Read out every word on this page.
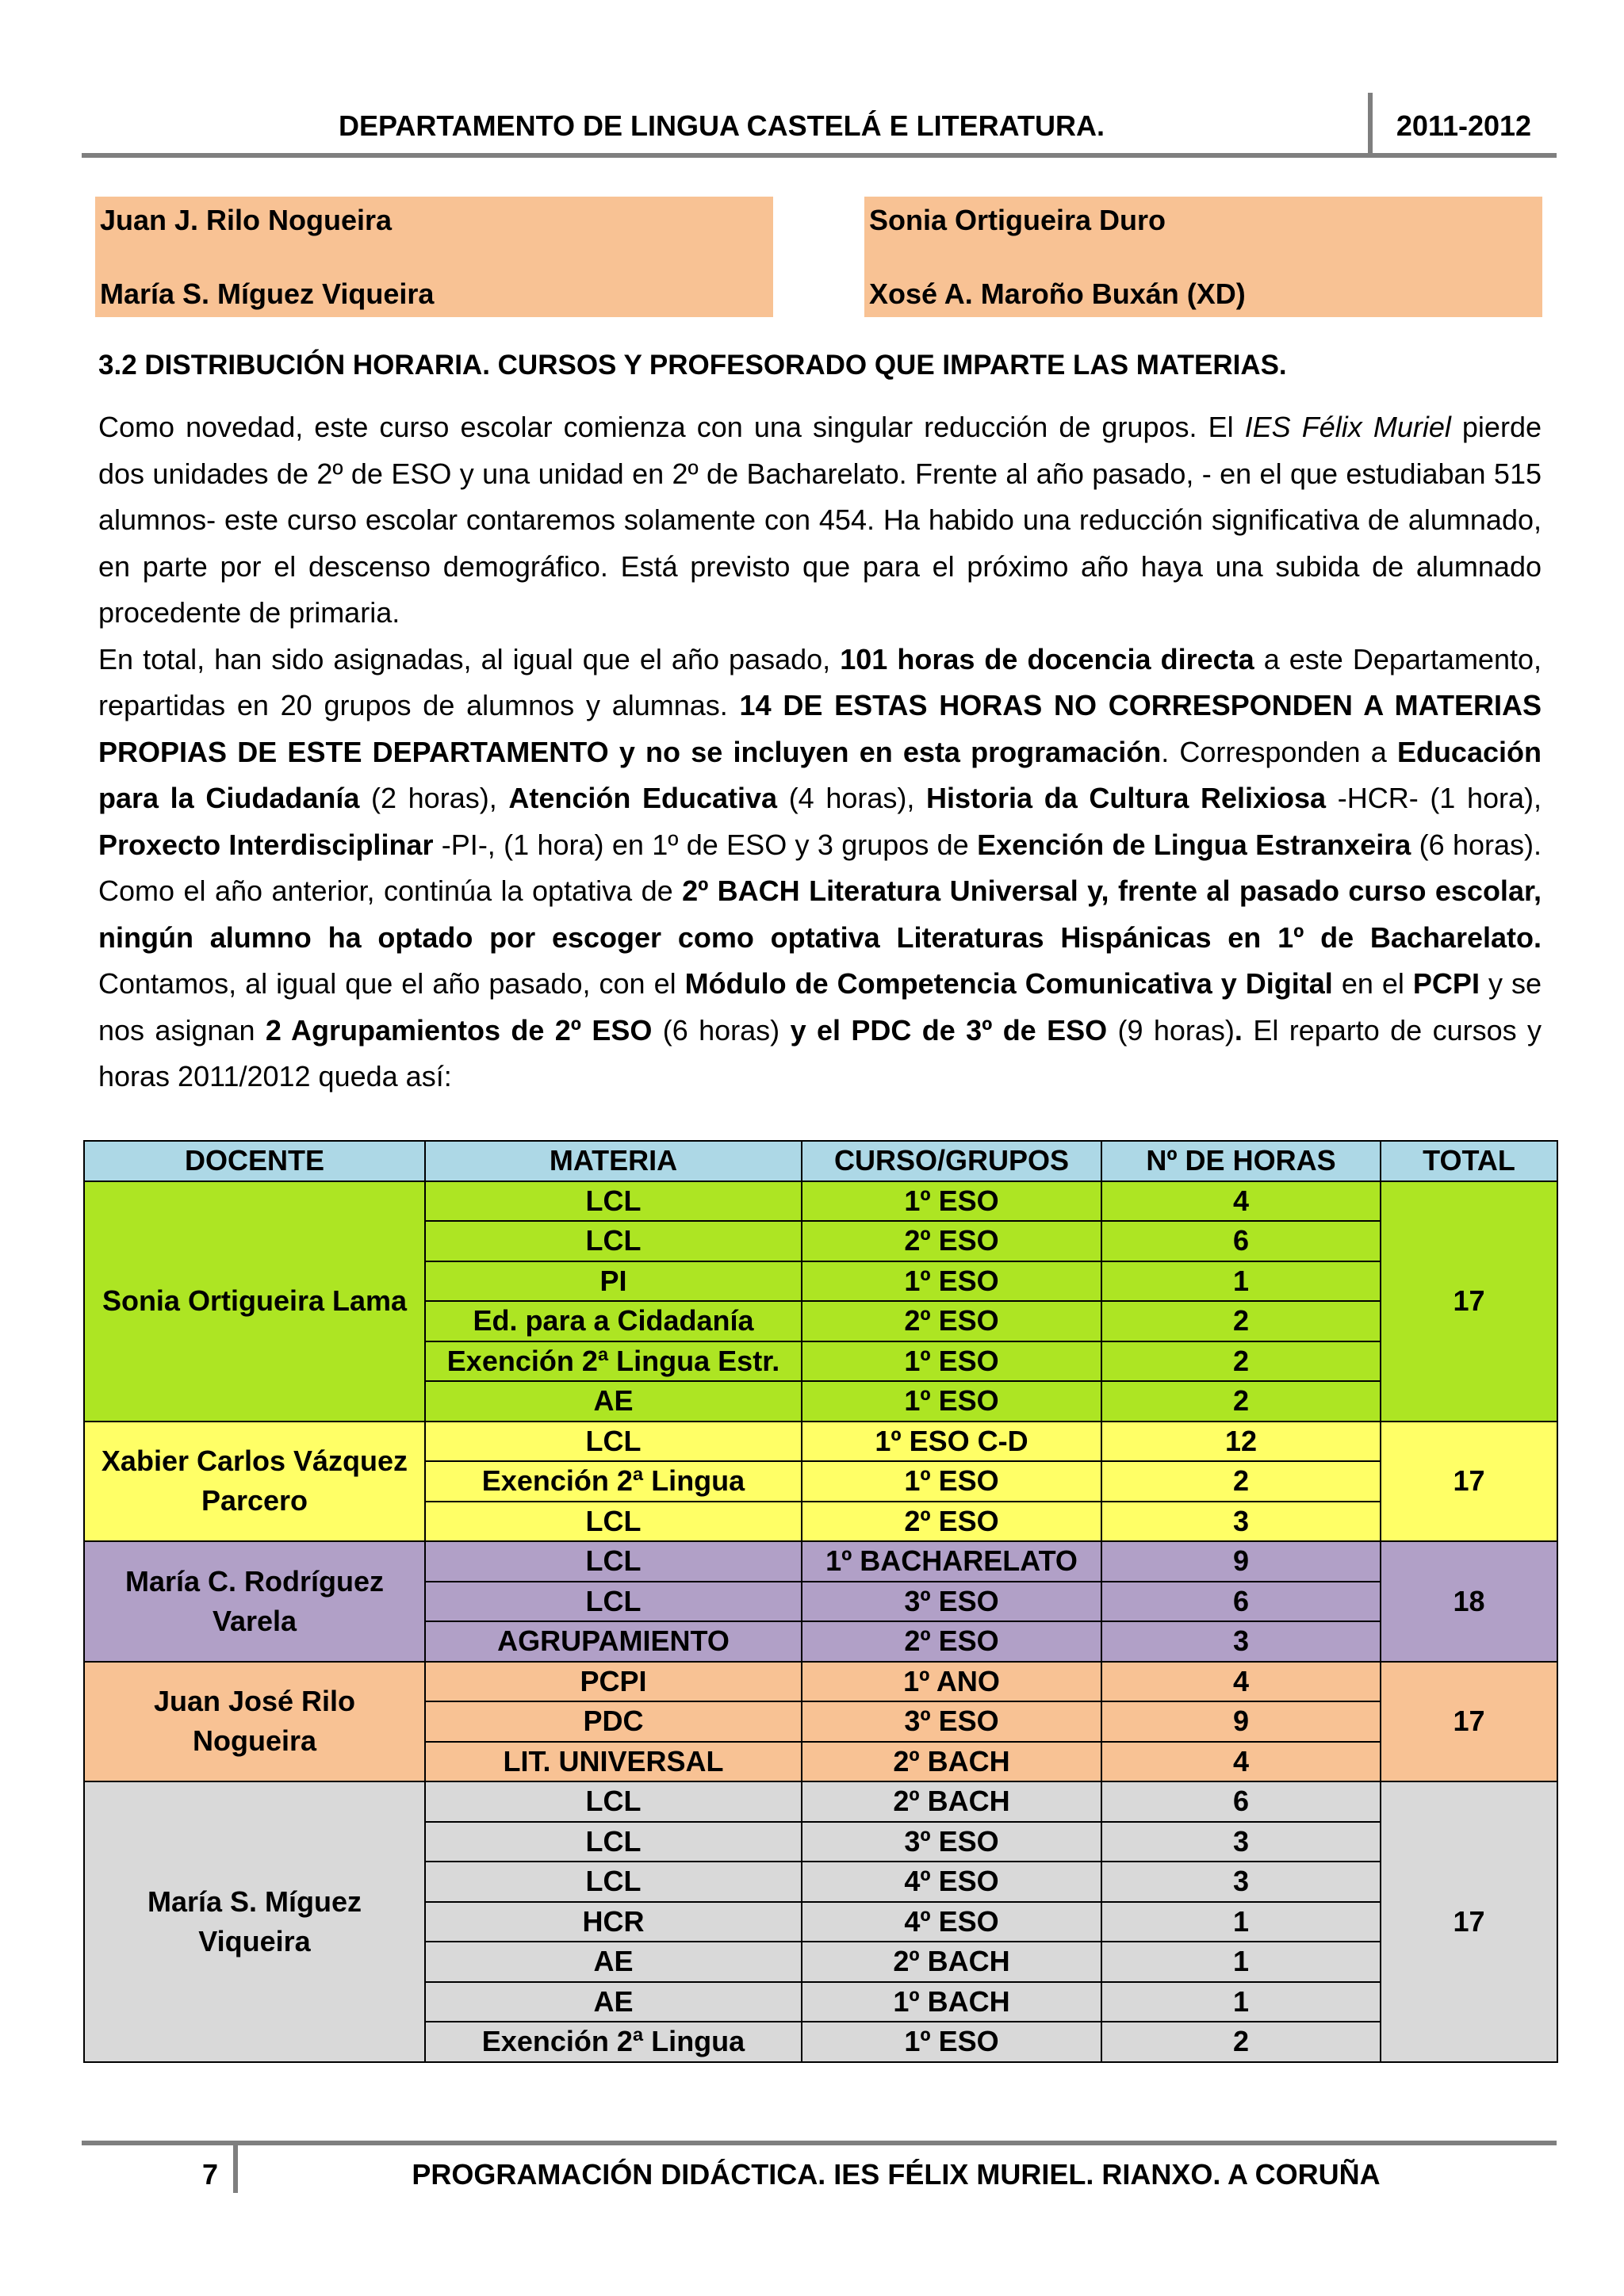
DEPARTAMENTO DE LINGUA CASTELÁ E LITERATURA.	2011-2012
Juan J. Rilo Nogueira
María S. Míguez Viqueira
Sonia Ortigueira Duro
Xosé A. Maroño Buxán (XD)
3.2 DISTRIBUCIÓN HORARIA. CURSOS Y PROFESORADO QUE IMPARTE LAS MATERIAS.

Como novedad, este curso escolar comienza con una singular reducción de grupos. El IES Félix Muriel pierde dos unidades de 2º de ESO y una unidad en 2º de Bacharelato. Frente al año pasado, - en el que estudiaban 515 alumnos- este curso escolar contaremos solamente con 454. Ha habido una reducción significativa de alumnado, en parte por el descenso demográfico. Está previsto que para el próximo año haya una subida de alumnado procedente de primaria.

En total, han sido asignadas, al igual que el año pasado, 101 horas de docencia directa a este Departamento, repartidas en 20 grupos de alumnos y alumnas. 14 DE ESTAS HORAS NO CORRESPONDEN A MATERIAS PROPIAS DE ESTE DEPARTAMENTO y no se incluyen en esta programación. Corresponden a Educación para la Ciudadanía (2 horas), Atención Educativa (4 horas), Historia da Cultura Relixiosa -HCR- (1 hora), Proxecto Interdisciplinar -PI-, (1 hora) en 1º de ESO y 3 grupos de Exención de Lingua Estranxeira (6 horas). Como el año anterior, continúa la optativa de 2º BACH Literatura Universal y, frente al pasado curso escolar, ningún alumno ha optado por escoger como optativa Literaturas Hispánicas en 1º de Bacharelato. Contamos, al igual que el año pasado, con el Módulo de Competencia Comunicativa y Digital en el PCPI y se nos asignan 2 Agrupamientos de 2º ESO (6 horas) y el PDC de 3º de ESO (9 horas). El reparto de cursos y horas 2011/2012 queda así:

DOCENTE	MATERIA	CURSO/GRUPOS	Nº DE HORAS	TOTAL
Sonia Ortigueira Lama	LCL	1º ESO	4	17
	LCL	2º ESO	6	
	PI	1º ESO	1	
	Ed. para a Cidadanía	2º ESO	2	
	Exención 2ª Lingua Estr.	1º ESO	2	
	AE	1º ESO	2	
Xabier Carlos Vázquez Parcero	LCL	1º ESO C-D	12	17
	Exención 2ª Lingua	1º ESO	2	
	LCL	2º ESO	3	
María C. Rodríguez Varela	LCL	1º BACHARELATO	9	18
	LCL	3º ESO	6	
	AGRUPAMIENTO	2º ESO	3	
Juan José Rilo Nogueira	PCPI	1º ANO	4	17
	PDC	3º ESO	9	
	LIT. UNIVERSAL	2º BACH	4	
María S. Míguez Viqueira	LCL	2º BACH	6	17
	LCL	3º ESO	3	
	LCL	4º ESO	3	
	HCR	4º ESO	1	
	AE	2º BACH	1	
	AE	1º BACH	1	
	Exención 2ª Lingua	1º ESO	2	
7	PROGRAMACIÓN DIDÁCTICA. IES FÉLIX MURIEL. RIANXO. A CORUÑA
